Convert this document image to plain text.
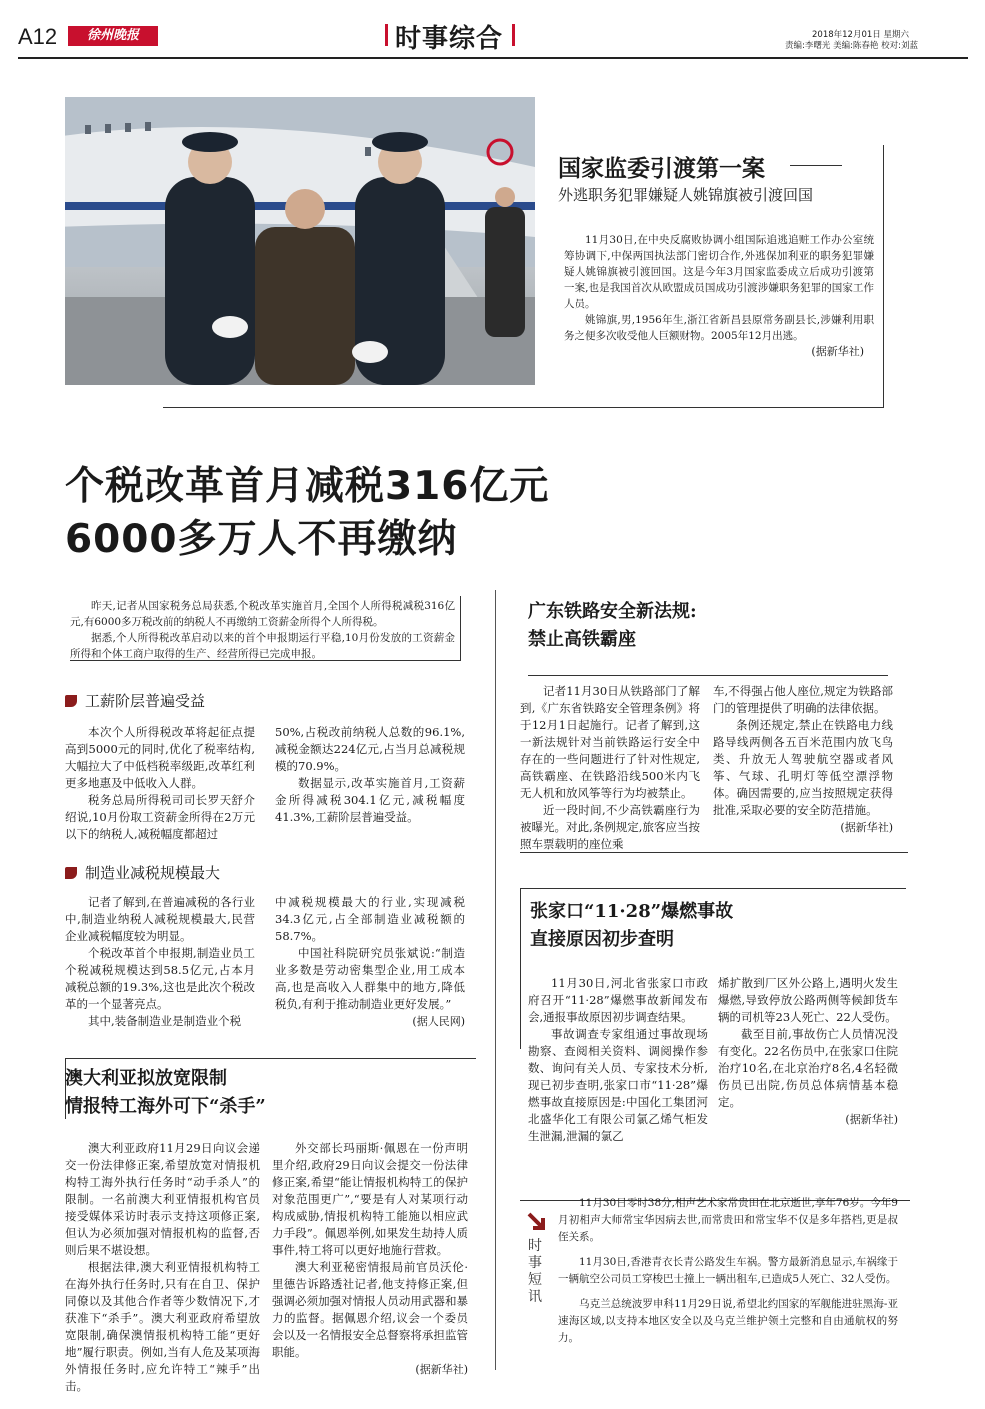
A12	徐州晚报	时事综合	2018年12月01日 星期六
责编:李曙光 美编:陈春艳 校对:刘蓝
国家监委引渡第一案
外逃职务犯罪嫌疑人姚锦旗被引渡回国

11月30日,在中央反腐败协调小组国际追逃追赃工作办公室统筹协调下,中保两国执法部门密切合作,外逃保加利亚的职务犯罪嫌疑人姚锦旗被引渡回国。这是今年3月国家监委成立后成功引渡第一案,也是我国首次从欧盟成员国成功引渡涉嫌职务犯罪的国家工作人员。

姚锦旗,男,1956年生,浙江省新昌县原常务副县长,涉嫌利用职务之便多次收受他人巨额财物。2005年12月出逃。

(据新华社)
个税改革首月减税316亿元
6000多万人不再缴纳

昨天,记者从国家税务总局获悉,个税改革实施首月,全国个人所得税减税316亿元,有6000多万税改前的纳税人不再缴纳工资薪金所得个人所得税。

据悉,个人所得税改革启动以来的首个申报期运行平稳,10月份发放的工资薪金所得和个体工商户取得的生产、经营所得已完成申报。

工薪阶层普遍受益

本次个人所得税改革将起征点提高到5000元的同时,优化了税率结构,大幅拉大了中低档税率级距,改革红利更多地惠及中低收入人群。

税务总局所得税司司长罗天舒介绍说,10月份取工资薪金所得在2万元以下的纳税人,减税幅度都超过

50%,占税改前纳税人总数的96.1%,减税金额达224亿元,占当月总减税规模的70.9%。

数据显示,改革实施首月,工资薪金所得减税304.1亿元,减税幅度41.3%,工薪阶层普遍受益。

制造业减税规模最大

记者了解到,在普遍减税的各行业中,制造业纳税人减税规模最大,民营企业减税幅度较为明显。

个税改革首个申报期,制造业员工个税减税规模达到58.5亿元,占本月减税总额的19.3%,这也是此次个税改革的一个显著亮点。

其中,装备制造业是制造业个税

中减税规模最大的行业,实现减税34.3亿元,占全部制造业减税额的58.7%。

中国社科院研究员张斌说:“制造业多数是劳动密集型企业,用工成本高,也是高收入人群集中的地方,降低税负,有利于推动制造业更好发展。”

(据人民网)
广东铁路安全新法规:
禁止高铁霸座

记者11月30日从铁路部门了解到,《广东省铁路安全管理条例》将于12月1日起施行。记者了解到,这一新法规针对当前铁路运行安全中存在的一些问题进行了针对性规定,高铁霸座、在铁路沿线500米内飞无人机和放风筝等行为均被禁止。

近一段时间,不少高铁霸座行为被曝光。对此,条例规定,旅客应当按照车票载明的座位乘

车,不得强占他人座位,规定为铁路部门的管理提供了明确的法律依据。

条例还规定,禁止在铁路电力线路导线两侧各五百米范围内放飞鸟类、升放无人驾驶航空器或者风筝、气球、孔明灯等低空漂浮物体。确因需要的,应当按照规定获得批准,采取必要的安全防范措施。

(据新华社)
张家口“11·28”爆燃事故
直接原因初步查明

11月30日,河北省张家口市政府召开“11·28”爆燃事故新闻发布会,通报事故原因初步调查结果。

事故调查专家组通过事故现场勘察、查阅相关资料、调阅操作参数、询问有关人员、专家技术分析,现已初步查明,张家口市“11·28”爆燃事故直接原因是:中国化工集团河北盛华化工有限公司氯乙烯气柜发生泄漏,泄漏的氯乙

烯扩散到厂区外公路上,遇明火发生爆燃,导致停放公路两侧等候卸货车辆的司机等23人死亡、22人受伤。

截至目前,事故伤亡人员情况没有变化。22名伤员中,在张家口住院治疗10名,在北京治疗8名,4名轻微伤员已出院,伤员总体病情基本稳定。

(据新华社)
澳大利亚拟放宽限制
情报特工海外可下“杀手”

澳大利亚政府11月29日向议会递交一份法律修正案,希望放宽对情报机构特工海外执行任务时“动手杀人”的限制。一名前澳大利亚情报机构官员接受媒体采访时表示支持这项修正案,但认为必须加强对情报机构的监督,否则后果不堪设想。

根据法律,澳大利亚情报机构特工在海外执行任务时,只有在自卫、保护同僚以及其他合作者等少数情况下,才获准下“杀手”。澳大利亚政府希望放宽限制,确保澳情报机构特工能“更好地”履行职责。例如,当有人危及某项海外情报任务时,应允许特工“辣手”出击。

外交部长玛丽斯·佩恩在一份声明里介绍,政府29日向议会提交一份法律修正案,希望“能让情报机构特工的保护对象范围更广”,“要是有人对某项行动构成威胁,情报机构特工能施以相应武力手段”。佩恩举例,如果发生劫持人质事件,特工将可以更好地施行营救。

澳大利亚秘密情报局前官员沃伦·里德告诉路透社记者,他支持修正案,但强调必须加强对情报人员动用武器和暴力的监督。据佩恩介绍,议会一个委员会以及一名情报安全总督察将承担监管职能。

(据新华社)
时事短讯

11月30日零时38分,相声艺术家常贵田在北京逝世,享年76岁。今年9月初相声大师常宝华因病去世,而常贵田和常宝华不仅是多年搭档,更是叔侄关系。

11月30日,香港青衣长青公路发生车祸。警方最新消息显示,车祸缘于一辆航空公司员工穿梭巴士撞上一辆出租车,已造成5人死亡、32人受伤。

乌克兰总统波罗申科11月29日说,希望北约国家的军舰能进驻黑海-亚速海区域,以支持本地区安全以及乌克兰维护领土完整和自由通航权的努力。
